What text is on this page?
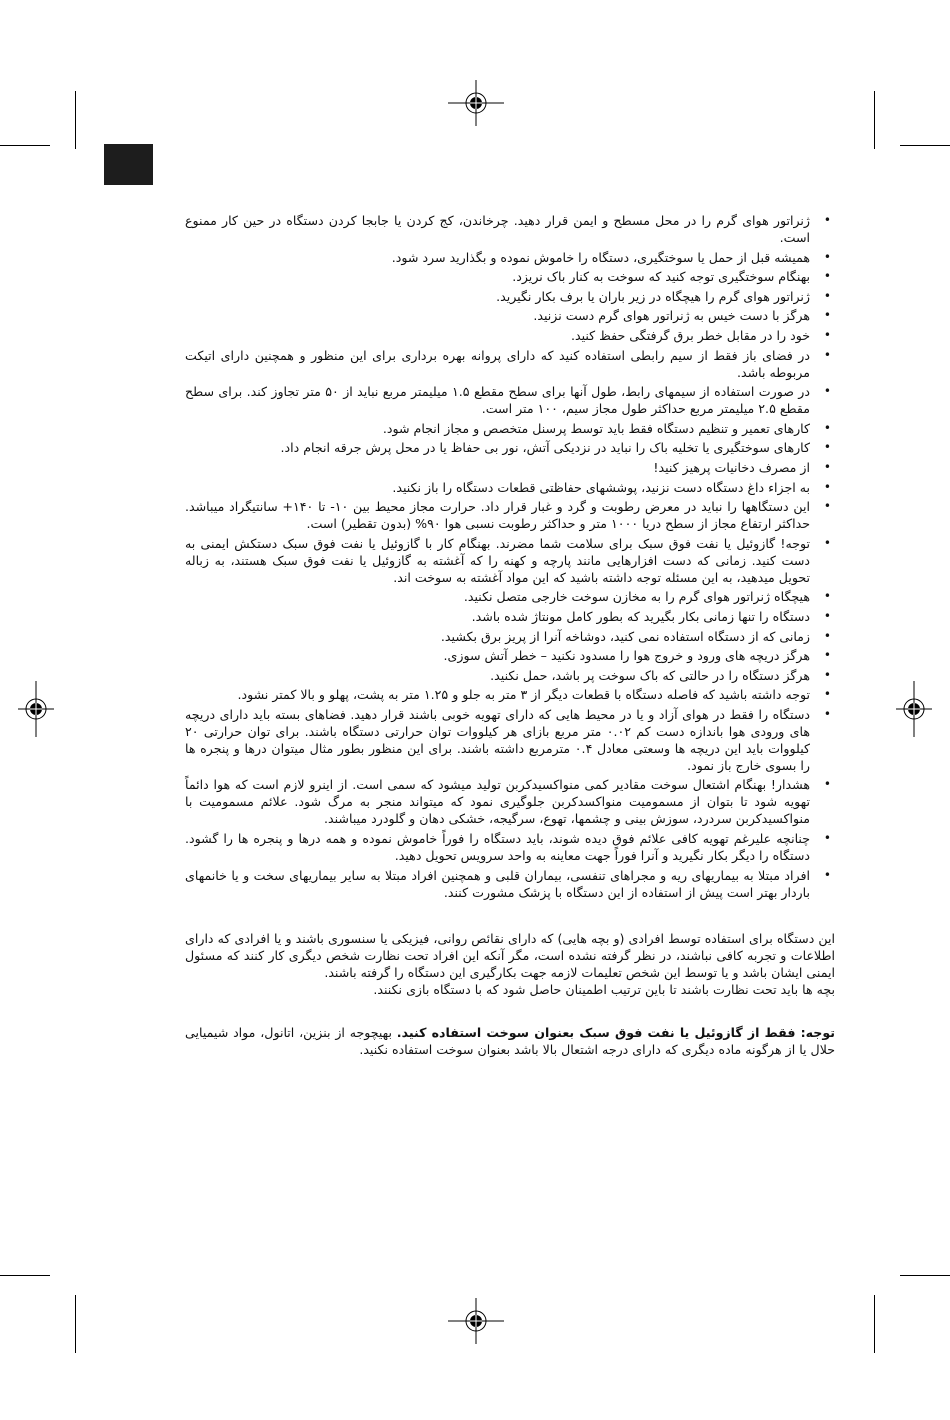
• ژنراتور هوای گرم را در محل مسطح و ایمن قرار دهید. چرخاندن، کج کردن یا جابجا کردن دستگاه در حین کار ممنوع است.
• همیشه قبل از حمل یا سوختگیری، دستگاه را خاموش نموده و بگذارید سرد شود.
• بهنگام سوختگیری توجه کنید که سوخت به کنار باک نریزد.
• ژنراتور هوای گرم را هیچگاه در زیر باران یا برف بکار نگیرید.
• هرگز با دست خیس به ژنراتور هوای گرم دست نزنید.
• خود را در مقابل خطر برق گرفتگی حفظ کنید.
• در فضای باز فقط از سیم رابطی استفاده کنید که دارای پروانه بهره برداری برای این منظور و همچنین دارای اتیکت مربوطه باشد.
• در صورت استفاده از سیمهای رابط، طول آنها برای سطح مقطع ۱.۵ میلیمتر مربع نباید از ۵۰ متر تجاوز کند. برای سطح مقطع ۲.۵ میلیمتر مربع حداکثر طول مجاز سیم، ۱۰۰ متر است.
• کارهای تعمیر و تنظیم دستگاه فقط باید توسط پرسنل متخصص و مجاز انجام شود.
• کارهای سوختگیری یا تخلیه باک را نباید در نزدیکی آتش، نور بی حفاظ یا در محل پرش جرقه انجام داد.
• از مصرف دخانیات پرهیز کنید!
• به اجزاء داغ دستگاه دست نزنید، پوششهای حفاظتی قطعات دستگاه را باز نکنید.
• این دستگاهها را نباید در معرض رطوبت و گرد و غبار قرار داد. حرارت مجاز محیط بین ۱۰- تا ۱۴۰+ سانتیگراد میباشد. حداکثر ارتفاع مجاز از سطح دریا ۱۰۰۰ متر و حداکثر رطوبت نسبی هوا ۹۰% (بدون تقطیر) است.
• توجه! گازوئیل یا نفت فوق سبک برای سلامت شما مضرند. بهنگام کار با گازوئیل یا نفت فوق سبک دستکش ایمنی به دست کنید. زمانی که دست افزارهایی مانند پارچه و کهنه را که آغشته به گازوئیل یا نفت فوق سبک هستند، به زباله تحویل میدهید، به این مسئله توجه داشته باشید که این مواد آغشته به سوخت اند.
• هیچگاه ژنراتور هوای گرم را به مخازن سوخت خارجی متصل نکنید.
• دستگاه را تنها زمانی بکار بگیرید که بطور کامل مونتاژ شده باشد.
• زمانی که از دستگاه استفاده نمی کنید، دوشاخه آنرا از پریز برق بکشید.
• هرگز دریچه های ورود و خروج هوا را مسدود نکنید – خطر آتش سوزی.
• هرگز دستگاه را در حالتی که باک سوخت پر باشد، حمل نکنید.
• توجه داشته باشید که فاصله دستگاه با قطعات دیگر از ۳ متر به جلو و ۱.۲۵ متر به پشت، پهلو و بالا کمتر نشود.
• دستگاه را فقط در هوای آزاد و یا در محیط هایی که دارای تهویه خوبی باشند قرار دهید. فضاهای بسته باید دارای دریچه های ورودی هوا باندازه دست کم ۰.۰۲ متر مربع بازای هر کیلووات توان حرارتی دستگاه باشند. برای توان حرارتی ۲۰ کیلووات باید این دریچه ها وسعتی معادل ۰.۴ مترمربع داشته باشند. برای این منظور بطور مثال میتوان درها و پنجره ها را بسوی خارج باز نمود.
• هشدار! بهنگام اشتعال سوخت مقادیر کمی منواکسیدکربن تولید میشود که سمی است. از اینرو لازم است که هوا دائماً تهویه شود تا بتوان از مسمومیت منواکسدکربن جلوگیری نمود که میتواند منجر به مرگ شود. علائم مسمومیت با منواکسیدکربن سردرد، سوزش بینی و چشمها، تهوع، سرگیجه، خشکی دهان و گلودرد میباشند.
• چنانچه علیرغم تهویه کافی علائم فوق دیده شوند، باید دستگاه را فوراً خاموش نموده و همه درها و پنجره ها را گشود. دستگاه را دیگر بکار نگیرید و آنرا فوراً جهت معاینه به واحد سرویس تحویل دهید.
• افراد مبتلا به بیماریهای ریه و مجراهای تنفسی، بیماران قلبی و همچنین افراد مبتلا به سایر بیماریهای سخت و یا خانمهای باردار بهتر است پیش از استفاده از این دستگاه با پزشک مشورت کنند.

این دستگاه برای استفاده توسط افرادی (و بچه هایی) که دارای نقائص روانی، فیزیکی یا سنسوری باشند و یا افرادی که دارای اطلاعات و تجربه کافی نباشند، در نظر گرفته نشده است، مگر آنکه این افراد تحت نظارت شخص دیگری کار کنند که مسئول ایمنی ایشان باشد و یا توسط این شخص تعلیمات لازمه جهت بکارگیری این دستگاه را گرفته باشند.

بچه ها باید تحت نظارت باشند تا باین ترتیب اطمینان حاصل شود که با دستگاه بازی نکنند.

توجه: فقط از گازوئیل یا نفت فوق سبک بعنوان سوخت استفاده کنید. بهیچوجه از بنزین، اتانول، مواد شیمیایی حلال یا از هرگونه ماده دیگری که دارای درجه اشتعال بالا باشد بعنوان سوخت استفاده نکنید.
